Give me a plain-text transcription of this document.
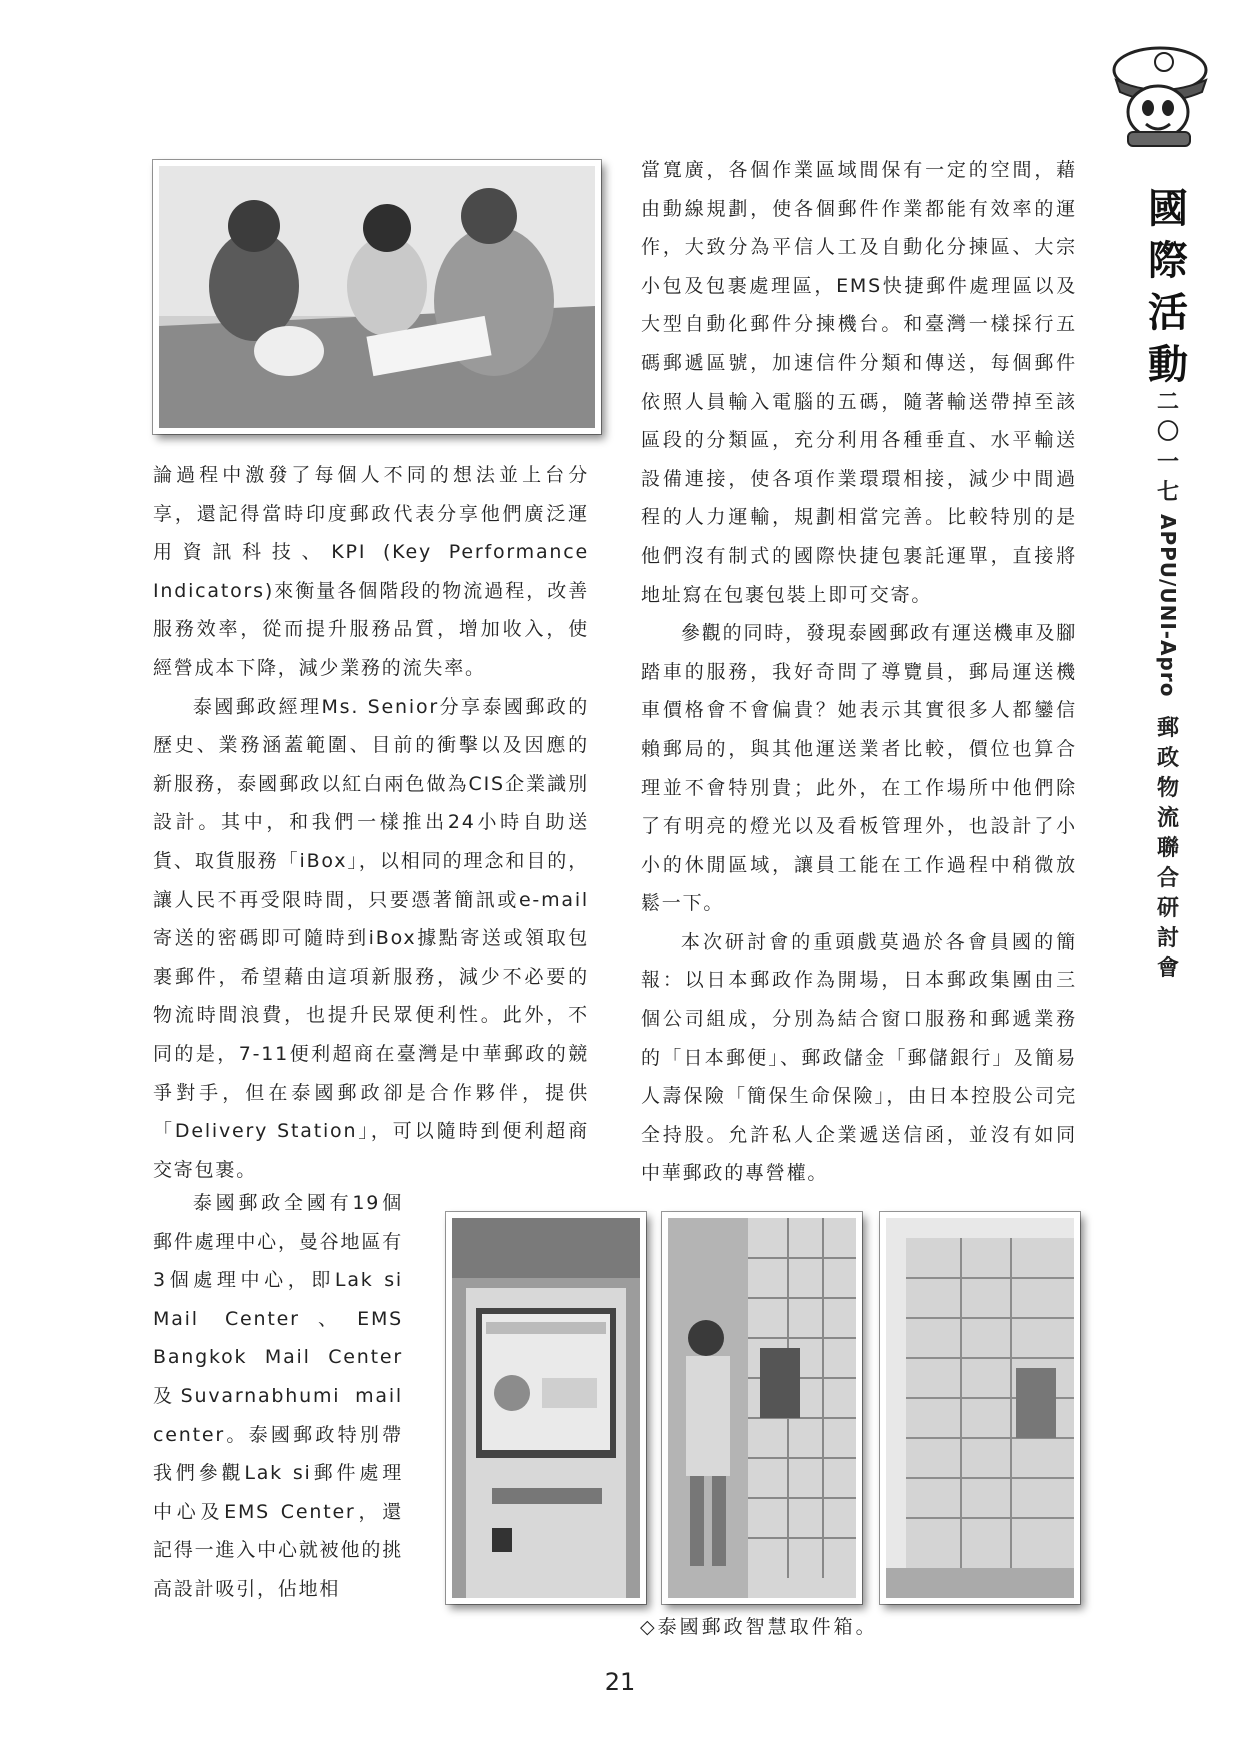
國
際
活
動
二
〇
一
七
APPU/UNI-Apro
郵
政
物
流
聯
合
研
討
會

論過程中激發了每個人不同的想法並上台分享，還記得當時印度郵政代表分享他們廣泛運用資訊科技、KPI (Key Performance Indicators)來衡量各個階段的物流過程，改善服務效率，從而提升服務品質，增加收入，使經營成本下降，減少業務的流失率。

泰國郵政經理Ms. Senior分享泰國郵政的歷史、業務涵蓋範圍、目前的衝擊以及因應的新服務，泰國郵政以紅白兩色做為CIS企業識別設計。其中，和我們一樣推出24小時自助送貨、取貨服務「iBox」，以相同的理念和目的，讓人民不再受限時間，只要憑著簡訊或e-mail寄送的密碼即可隨時到iBox據點寄送或領取包裹郵件，希望藉由這項新服務，減少不必要的物流時間浪費，也提升民眾便利性。此外，不同的是，7-11便利超商在臺灣是中華郵政的競爭對手，但在泰國郵政卻是合作夥伴，提供「Delivery Station」，可以隨時到便利超商交寄包裹。

泰國郵政全國有19個郵件處理中心，曼谷地區有3個處理中心，即Lak si Mail Center、EMS Bangkok Mail Center及Suvarnabhumi mail center。泰國郵政特別帶我們參觀Lak si郵件處理中心及EMS Center，還記得一進入中心就被他的挑高設計吸引，佔地相

當寬廣，各個作業區域間保有一定的空間，藉由動線規劃，使各個郵件作業都能有效率的運作，大致分為平信人工及自動化分揀區、大宗小包及包裹處理區，EMS快捷郵件處理區以及大型自動化郵件分揀機台。和臺灣一樣採行五碼郵遞區號，加速信件分類和傳送，每個郵件依照人員輸入電腦的五碼，隨著輸送帶掉至該區段的分類區，充分利用各種垂直、水平輸送設備連接，使各項作業環環相接，減少中間過程的人力運輸，規劃相當完善。比較特別的是他們沒有制式的國際快捷包裹託運單，直接將地址寫在包裹包裝上即可交寄。

參觀的同時，發現泰國郵政有運送機車及腳踏車的服務，我好奇問了導覽員，郵局運送機車價格會不會偏貴？她表示其實很多人都鑾信賴郵局的，與其他運送業者比較，價位也算合理並不會特別貴；此外，在工作場所中他們除了有明亮的燈光以及看板管理外，也設計了小小的休閒區域，讓員工能在工作過程中稍微放鬆一下。

本次研討會的重頭戲莫過於各會員國的簡報：以日本郵政作為開場，日本郵政集團由三個公司組成，分別為結合窗口服務和郵遞業務的「日本郵便」、郵政儲金「郵儲銀行」及簡易人壽保險「簡保生命保險」，由日本控股公司完全持股。允許私人企業遞送信函，並沒有如同中華郵政的專營權。

◇泰國郵政智慧取件箱。
21
